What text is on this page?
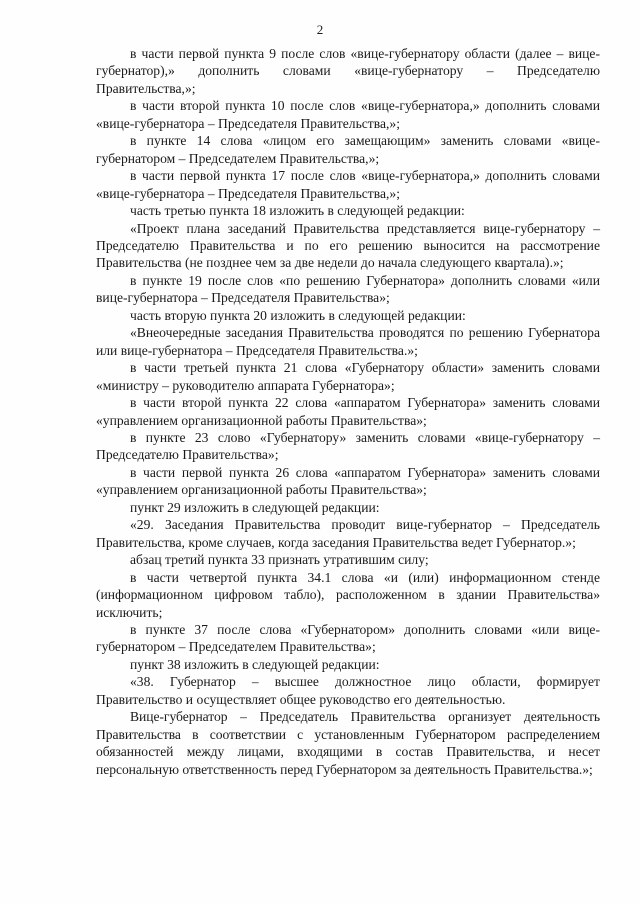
2

в части первой пункта 9 после слов «вице-губернатору области (далее – вице-губернатор),» дополнить словами «вице-губернатору – Председателю Правительства,»;

в части второй пункта 10 после слов «вице-губернатора,» дополнить словами «вице-губернатора – Председателя Правительства,»;

в пункте 14 слова «лицом его замещающим» заменить словами «вице-губернатором – Председателем Правительства,»;

в части первой пункта 17 после слов «вице-губернатора,» дополнить словами «вице-губернатора – Председателя Правительства,»;

часть третью пункта 18 изложить в следующей редакции:

«Проект плана заседаний Правительства представляется вице-губернатору – Председателю Правительства и по его решению выносится на рассмотрение Правительства (не позднее чем за две недели до начала следующего квартала).»;

в пункте 19 после слов «по решению Губернатора» дополнить словами «или вице-губернатора – Председателя Правительства»;

часть вторую пункта 20 изложить в следующей редакции:

«Внеочередные заседания Правительства проводятся по решению Губернатора или вице-губернатора – Председателя Правительства.»;

в части третьей пункта 21 слова «Губернатору области» заменить словами «министру – руководителю аппарата Губернатора»;

в части второй пункта 22 слова «аппаратом Губернатора» заменить словами «управлением организационной работы Правительства»;

в пункте 23 слово «Губернатору» заменить словами «вице-губернатору – Председателю Правительства»;

в части первой пункта 26 слова «аппаратом Губернатора» заменить словами «управлением организационной работы Правительства»;

пункт 29 изложить в следующей редакции:

«29. Заседания Правительства проводит вице-губернатор – Председатель Правительства, кроме случаев, когда заседания Правительства ведет Губернатор.»;

абзац третий пункта 33 признать утратившим силу;

в части четвертой пункта 34.1 слова «и (или) информационном стенде (информационном цифровом табло), расположенном в здании Правительства» исключить;

в пункте 37 после слова «Губернатором» дополнить словами «или вице-губернатором – Председателем Правительства»;

пункт 38 изложить в следующей редакции:

«38. Губернатор – высшее должностное лицо области, формирует Правительство и осуществляет общее руководство его деятельностью.

Вице-губернатор – Председатель Правительства организует деятельность Правительства в соответствии с установленным Губернатором распределением обязанностей между лицами, входящими в состав Правительства, и несет персональную ответственность перед Губернатором за деятельность Правительства.»;
